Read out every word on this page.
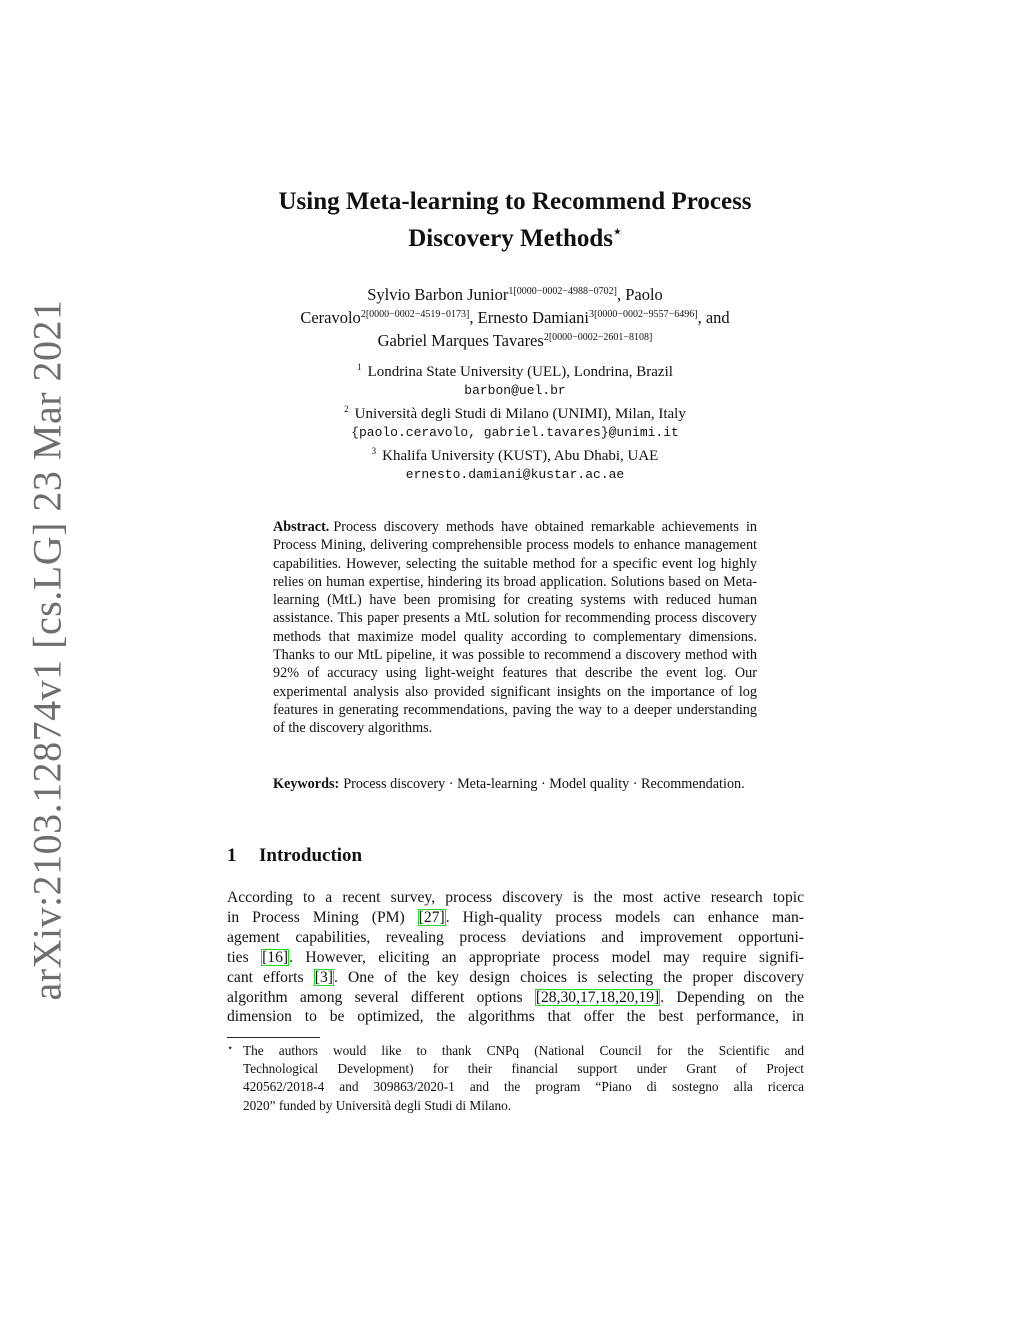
arXiv:2103.12874v1 [cs.LG] 23 Mar 2021
Using Meta-learning to Recommend Process
Discovery Methods⋆
Sylvio Barbon Junior$^{1[0000-0002-4988-0702]}$, Paolo
Ceravolo$^{2[0000-0002-4519-0173]}$, Ernesto Damiani$^{3[0000-0002-9557-6496]}$, and
Gabriel Marques Tavares$^{2[0000-0002-2601-8108]}$
$^1$ Londrina State University (UEL), Londrina, Brazil
barbon@uel.br
$^2$ Università degli Studi di Milano (UNIMI), Milan, Italy
{paolo.ceravolo, gabriel.tavares}@unimi.it
$^3$ Khalifa University (KUST), Abu Dhabi, UAE
ernesto.damiani@kustar.ac.ae
Abstract. Process discovery methods have obtained remarkable achievements in Process Mining, delivering comprehensible process models to enhance management capabilities. However, selecting the suitable method for a specific event log highly relies on human expertise, hindering its broad application. Solutions based on Meta-learning (MtL) have been promising for creating systems with reduced human assistance. This paper presents a MtL solution for recommending process discovery methods that maximize model quality according to complementary dimensions. Thanks to our MtL pipeline, it was possible to recommend a discovery method with 92% of accuracy using light-weight features that describe the event log. Our experimental analysis also provided significant insights on the importance of log features in generating recommendations, paving the way to a deeper understanding of the discovery algorithms.
Keywords: Process discovery · Meta-learning · Model quality · Recommendation.
1 Introduction
According to a recent survey, process discovery is the most active research topic
in Process Mining (PM) [27]. High-quality process models can enhance man-
agement capabilities, revealing process deviations and improvement opportuni-
ties [16]. However, eliciting an appropriate process model may require signifi-
cant efforts [3]. One of the key design choices is selecting the proper discovery
algorithm among several different options [28,30,17,18,20,19]. Depending on the
dimension to be optimized, the algorithms that offer the best performance, in
⋆ The authors would like to thank CNPq (National Council for the Scientific and
Technological Development) for their financial support under Grant of Project
420562/2018-4 and 309863/2020-1 and the program “Piano di sostegno alla ricerca
2020” funded by Università degli Studi di Milano.
